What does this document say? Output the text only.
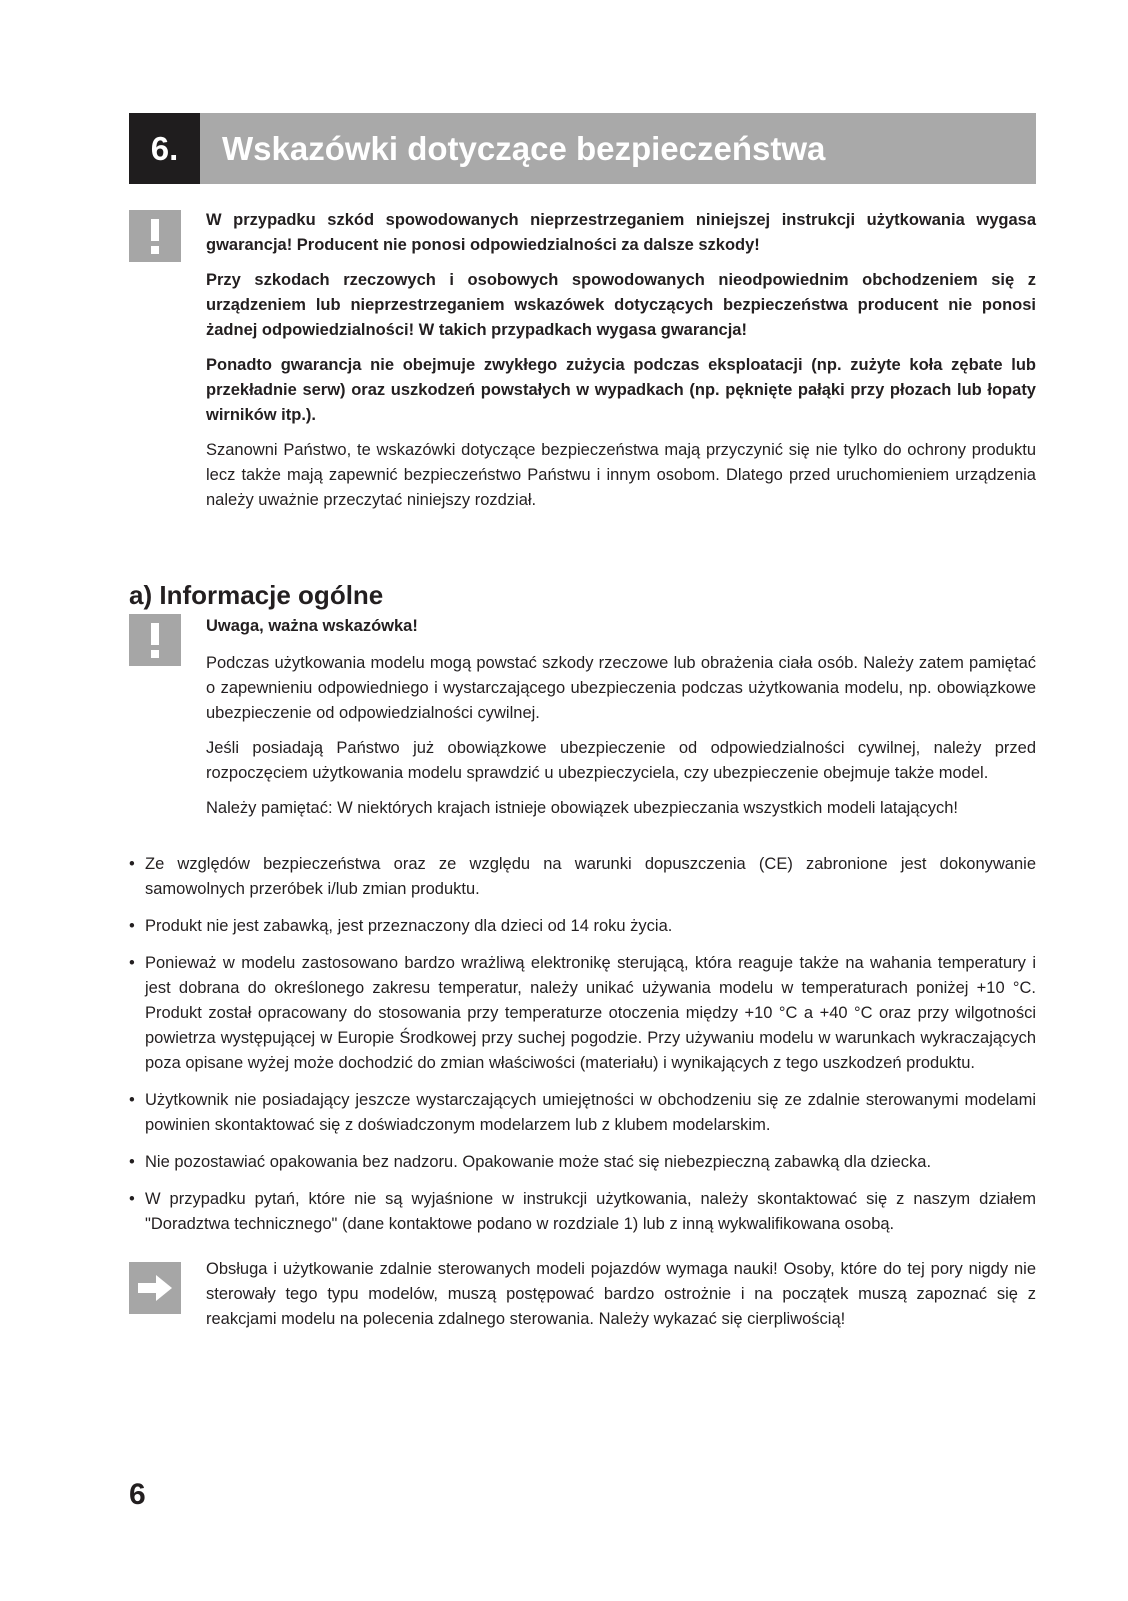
6.	Wskazówki dotyczące bezpieczeństwa

W przypadku szkód spowodowanych nieprzestrzeganiem niniejszej instrukcji użytkowania wygasa gwarancja! Producent nie ponosi odpowiedzialności za dalsze szkody!

Przy szkodach rzeczowych i osobowych spowodowanych nieodpowiednim obchodzeniem się z urządzeniem lub nieprzestrzeganiem wskazówek dotyczących bezpieczeństwa producent nie ponosi żadnej odpowiedzialności! W takich przypadkach wygasa gwarancja!

Ponadto gwarancja nie obejmuje zwykłego zużycia podczas eksploatacji (np. zużyte koła zębate lub przekładnie serw) oraz uszkodzeń powstałych w wypadkach (np. pęknięte pałąki przy płozach lub łopaty wirników itp.).

Szanowni Państwo, te wskazówki dotyczące bezpieczeństwa mają przyczynić się nie tylko do ochrony produktu lecz także mają zapewnić bezpieczeństwo Państwu i innym osobom. Dlatego przed uruchomieniem urządzenia należy uważnie przeczytać niniejszy rozdział.

a) Informacje ogólne

Uwaga, ważna wskazówka!

Podczas użytkowania modelu mogą powstać szkody rzeczowe lub obrażenia ciała osób. Należy zatem pamiętać o zapewnieniu odpowiedniego i wystarczającego ubezpieczenia podczas użytkowania modelu, np. obowiązkowe ubezpieczenie od odpowiedzialności cywilnej.

Jeśli posiadają Państwo już obowiązkowe ubezpieczenie od odpowiedzialności cywilnej, należy przed rozpoczęciem użytkowania modelu sprawdzić u ubezpieczyciela, czy ubezpieczenie obejmuje także model.

Należy pamiętać: W niektórych krajach istnieje obowiązek ubezpieczania wszystkich modeli latających!

• Ze względów bezpieczeństwa oraz ze względu na warunki dopuszczenia (CE) zabronione jest dokonywanie samowolnych przeróbek i/lub zmian produktu.
• Produkt nie jest zabawką, jest przeznaczony dla dzieci od 14 roku życia.
• Ponieważ w modelu zastosowano bardzo wrażliwą elektronikę sterującą, która reaguje także na wahania temperatury i jest dobrana do określonego zakresu temperatur, należy unikać używania modelu w temperaturach poniżej +10 °C. Produkt został opracowany do stosowania przy temperaturze otoczenia między +10 °C a +40 °C oraz przy wilgotności powietrza występującej w Europie Środkowej przy suchej pogodzie. Przy używaniu modelu w warunkach wykraczających poza opisane wyżej może dochodzić do zmian właściwości (materiału) i wynikających z tego uszkodzeń produktu.
• Użytkownik nie posiadający jeszcze wystarczających umiejętności w obchodzeniu się ze zdalnie sterowanymi modelami powinien skontaktować się z doświadczonym modelarzem lub z klubem modelarskim.
• Nie pozostawiać opakowania bez nadzoru. Opakowanie może stać się niebezpieczną zabawką dla dziecka.
• W przypadku pytań, które nie są wyjaśnione w instrukcji użytkowania, należy skontaktować się z naszym działem "Doradztwa technicznego" (dane kontaktowe podano w rozdziale 1) lub z inną wykwalifikowana osobą.

Obsługa i użytkowanie zdalnie sterowanych modeli pojazdów wymaga nauki! Osoby, które do tej pory nigdy nie sterowały tego typu modelów, muszą postępować bardzo ostrożnie i na początek muszą zapoznać się z reakcjami modelu na polecenia zdalnego sterowania. Należy wykazać się cierpliwością!

6
